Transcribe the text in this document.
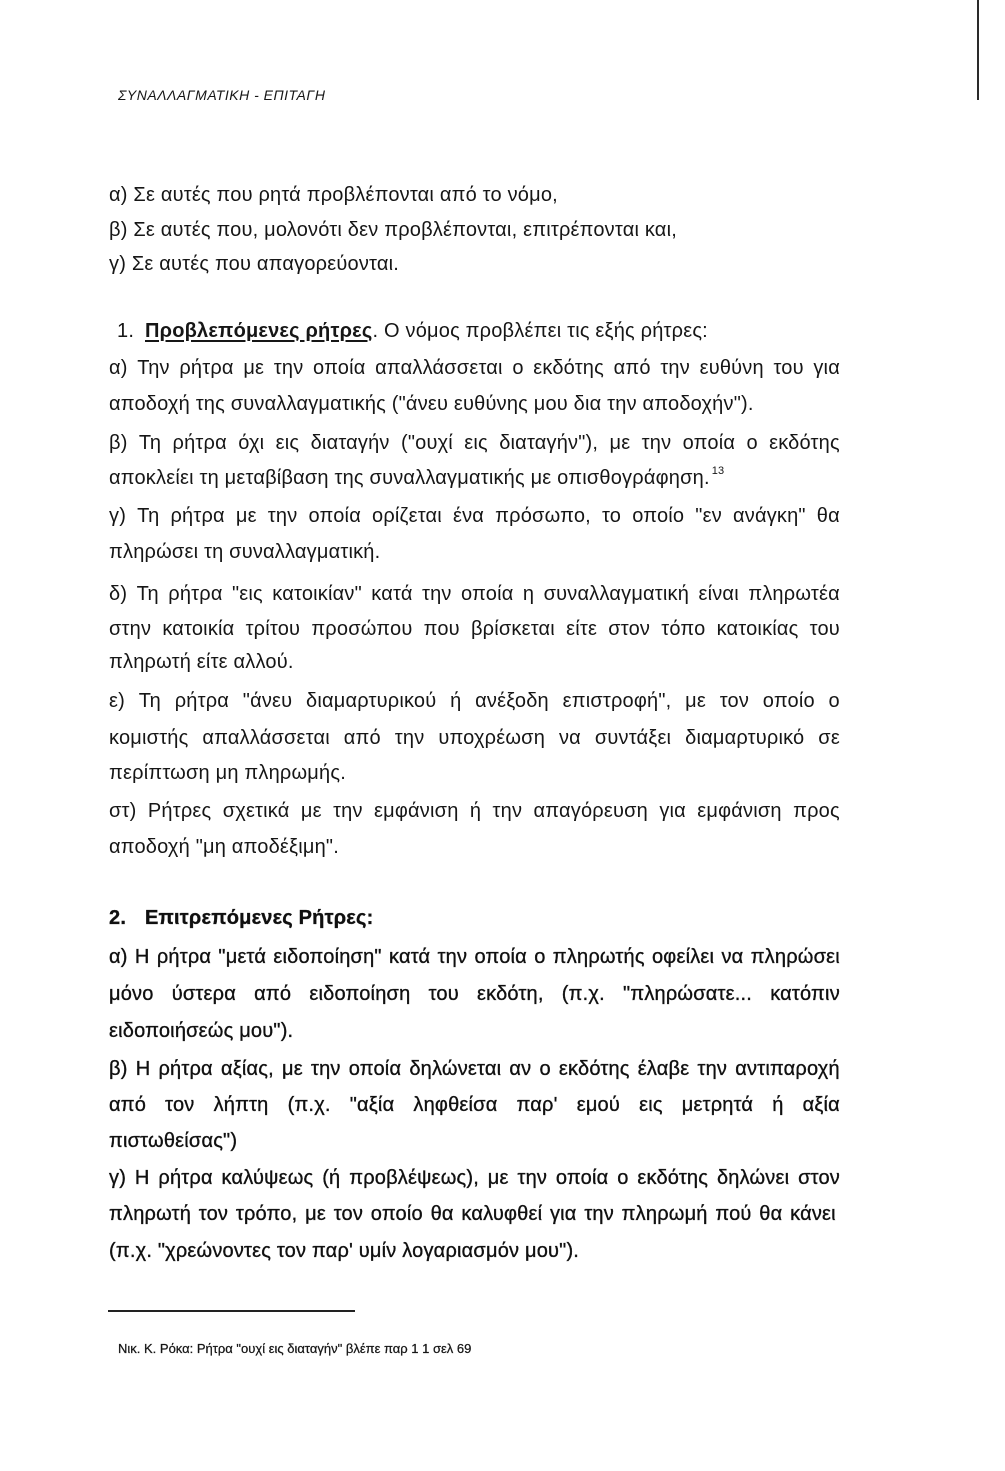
ΣΥΝΑΛΛΑΓΜΑΤΙΚΗ - ΕΠΙΤΑΓΗ
α) Σε αυτές που ρητά προβλέπονται από το νόμο,
β) Σε αυτές που, μολονότι δεν προβλέπονται, επιτρέπονται και,
γ) Σε αυτές που απαγορεύονται.
1. Προβλεπόμενες ρήτρες. Ο νόμος προβλέπει τις εξής ρήτρες:
α) Την ρήτρα με την οποία απαλλάσσεται ο εκδότης από την ευθύνη του για
αποδοχή της συναλλαγματικής ("άνευ ευθύνης μου δια την αποδοχήν").
β) Τη ρήτρα όχι εις διαταγήν ("ουχί εις διαταγήν"), με την οποία ο εκδότης
αποκλείει τη μεταβίβαση της συναλλαγματικής με οπισθογράφηση. $^{13}$
γ) Τη ρήτρα με την οποία ορίζεται ένα πρόσωπο, το οποίο "εν ανάγκη" θα
πληρώσει τη συναλλαγματική.
δ) Τη ρήτρα "εις κατοικίαν" κατά την οποία η συναλλαγματική είναι πληρωτέα
στην κατοικία τρίτου προσώπου που βρίσκεται είτε στον τόπο κατοικίας του
πληρωτή είτε αλλού.
ε) Τη ρήτρα "άνευ διαμαρτυρικού ή ανέξοδη επιστροφή", με τον οποίο ο
κομιστής απαλλάσσεται από την υποχρέωση να συντάξει διαμαρτυρικό σε
περίπτωση μη πληρωμής.
στ) Ρήτρες σχετικά με την εμφάνιση ή την απαγόρευση για εμφάνιση προς
αποδοχή "μη αποδέξιμη".
2. Επιτρεπόμενες Ρήτρες:
α) Η ρήτρα "μετά ειδοποίηση" κατά την οποία ο πληρωτής οφείλει να πληρώσει
μόνο ύστερα από ειδοποίηση του εκδότη, (π.χ. "πληρώσατε... κατόπιν
ειδοποιήσεώς μου").
β) Η ρήτρα αξίας, με την οποία δηλώνεται αν ο εκδότης έλαβε την αντιπαροχή
από τον λήπτη (π.χ. "αξία ληφθείσα παρ' εμού εις μετρητά ή αξία
πιστωθείσας")
γ) Η ρήτρα καλύψεως (ή προβλέψεως), με την οποία ο εκδότης δηλώνει στον
πληρωτή τον τρόπο, με τον οποίο θα καλυφθεί για την πληρωμή πού θα κάνει
(π.χ. "χρεώνοντες τον παρ' υμίν λογαριασμόν μου").
Νικ. Κ. Ρόκα: Ρήτρα "ουχί εις διαταγήν" βλέπε παρ 1 1 σελ 69
